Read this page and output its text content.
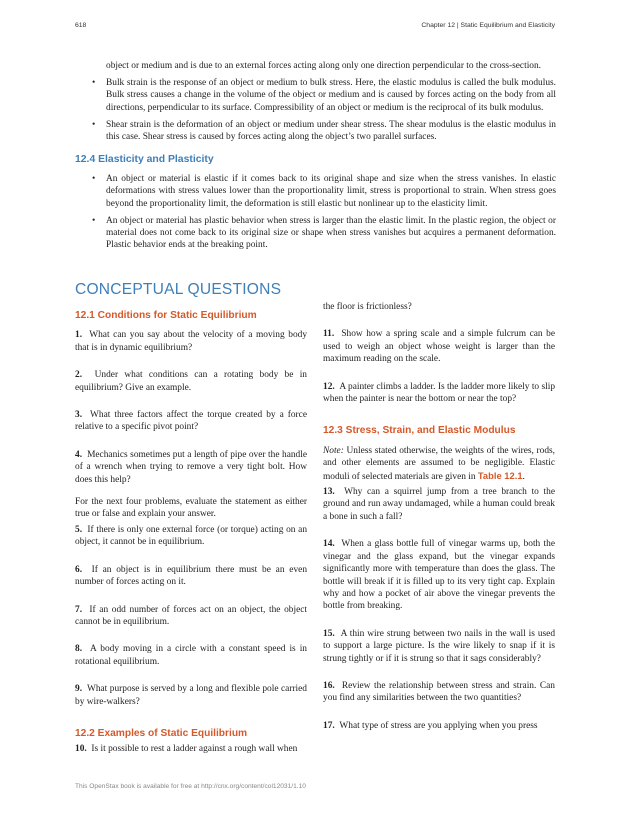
618	Chapter 12 | Static Equilibrium and Elasticity
object or medium and is due to an external forces acting along only one direction perpendicular to the cross-section.
• Bulk strain is the response of an object or medium to bulk stress. Here, the elastic modulus is called the bulk modulus. Bulk stress causes a change in the volume of the object or medium and is caused by forces acting on the body from all directions, perpendicular to its surface. Compressibility of an object or medium is the reciprocal of its bulk modulus.
• Shear strain is the deformation of an object or medium under shear stress. The shear modulus is the elastic modulus in this case. Shear stress is caused by forces acting along the object’s two parallel surfaces.
12.4 Elasticity and Plasticity
• An object or material is elastic if it comes back to its original shape and size when the stress vanishes. In elastic deformations with stress values lower than the proportionality limit, stress is proportional to strain. When stress goes beyond the proportionality limit, the deformation is still elastic but nonlinear up to the elasticity limit.
• An object or material has plastic behavior when stress is larger than the elastic limit. In the plastic region, the object or material does not come back to its original size or shape when stress vanishes but acquires a permanent deformation. Plastic behavior ends at the breaking point.
CONCEPTUAL QUESTIONS
12.1 Conditions for Static Equilibrium

1. What can you say about the velocity of a moving body that is in dynamic equilibrium?

2. Under what conditions can a rotating body be in equilibrium? Give an example.

3. What three factors affect the torque created by a force relative to a specific pivot point?

4. Mechanics sometimes put a length of pipe over the handle of a wrench when trying to remove a very tight bolt. How does this help?

For the next four problems, evaluate the statement as either true or false and explain your answer.

5. If there is only one external force (or torque) acting on an object, it cannot be in equilibrium.

6. If an object is in equilibrium there must be an even number of forces acting on it.

7. If an odd number of forces act on an object, the object cannot be in equilibrium.

8. A body moving in a circle with a constant speed is in rotational equilibrium.

9. What purpose is served by a long and flexible pole carried by wire-walkers?

12.2 Examples of Static Equilibrium

10. Is it possible to rest a ladder against a rough wall when

the floor is frictionless?

11. Show how a spring scale and a simple fulcrum can be used to weigh an object whose weight is larger than the maximum reading on the scale.

12. A painter climbs a ladder. Is the ladder more likely to slip when the painter is near the bottom or near the top?

12.3 Stress, Strain, and Elastic Modulus

Note: Unless stated otherwise, the weights of the wires, rods, and other elements are assumed to be negligible. Elastic moduli of selected materials are given in Table 12.1.

13. Why can a squirrel jump from a tree branch to the ground and run away undamaged, while a human could break a bone in such a fall?

14. When a glass bottle full of vinegar warms up, both the vinegar and the glass expand, but the vinegar expands significantly more with temperature than does the glass. The bottle will break if it is filled up to its very tight cap. Explain why and how a pocket of air above the vinegar prevents the bottle from breaking.

15. A thin wire strung between two nails in the wall is used to support a large picture. Is the wire likely to snap if it is strung tightly or if it is strung so that it sags considerably?

16. Review the relationship between stress and strain. Can you find any similarities between the two quantities?

17. What type of stress are you applying when you press

This OpenStax book is available for free at http://cnx.org/content/col12031/1.10
